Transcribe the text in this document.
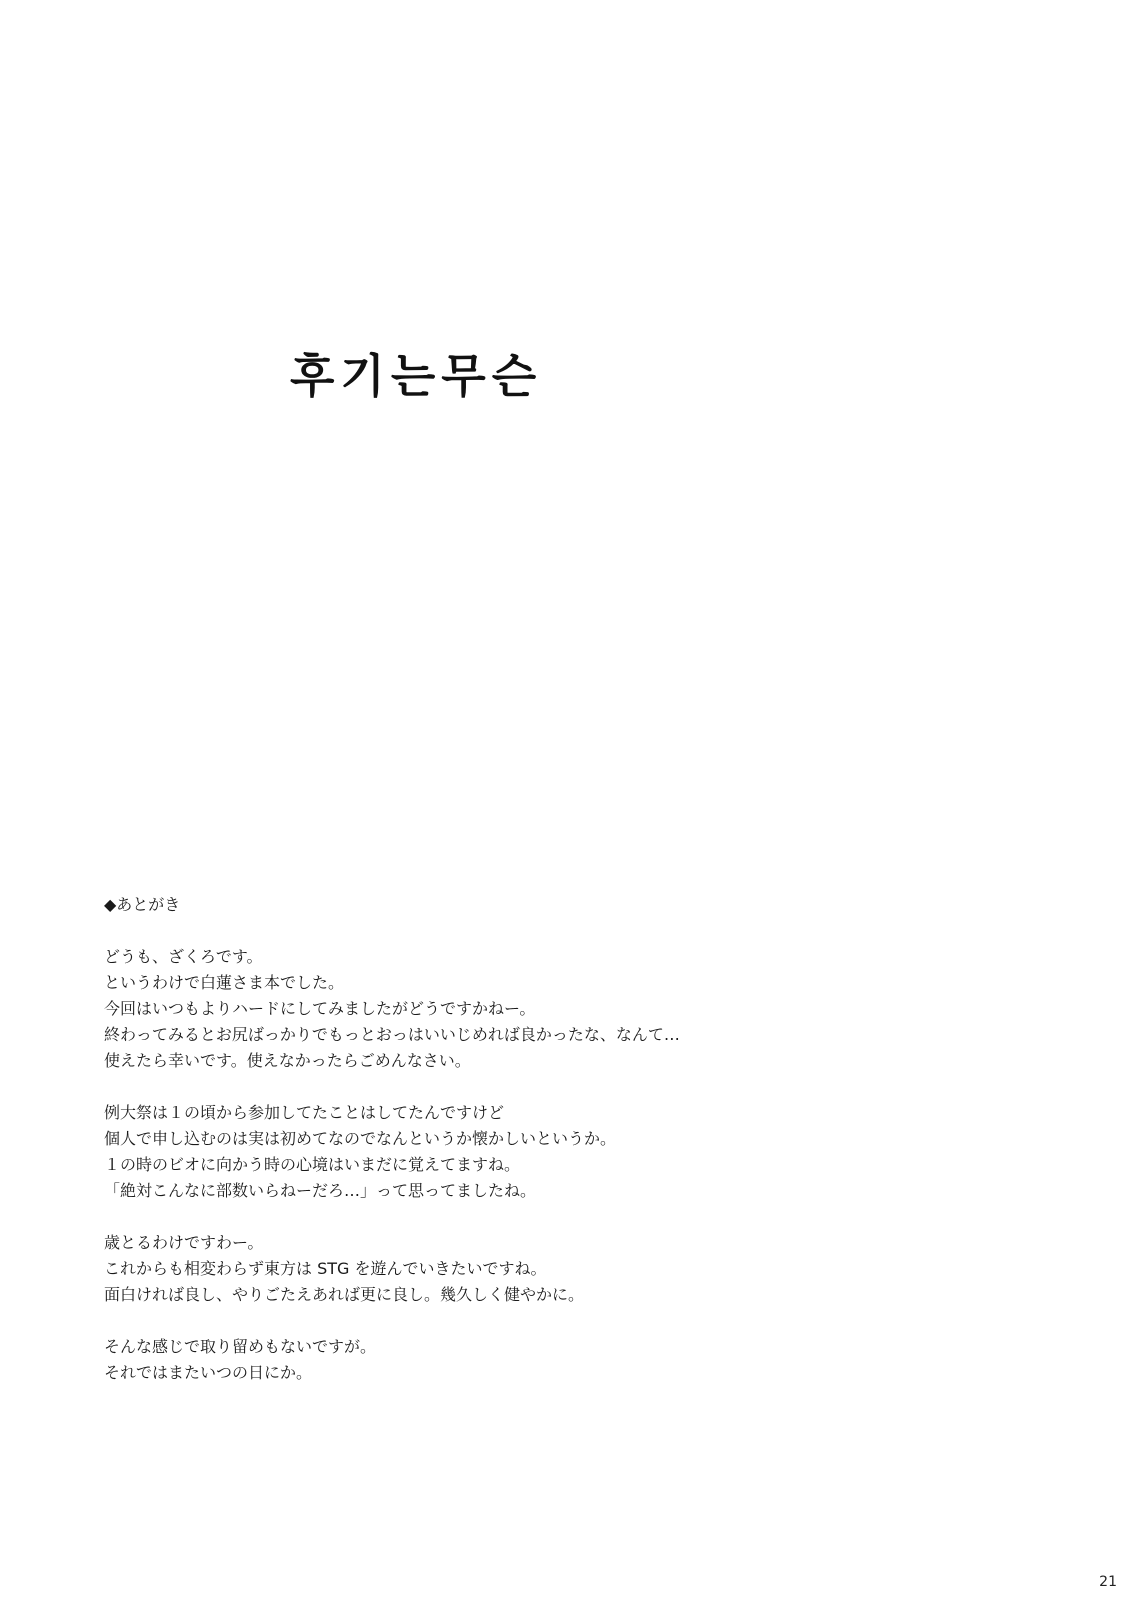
후기는무슨
◆あとがき
どうも、ざくろです。
というわけで白蓮さま本でした。
今回はいつもよりハードにしてみましたがどうですかねー。
終わってみるとお尻ばっかりでもっとおっはいいじめれば良かったな、なんて…
使えたら幸いです。使えなかったらごめんなさい。
例大祭は１の頃から参加してたことはしてたんですけど
個人で申し込むのは実は初めてなのでなんというか懐かしいというか。
１の時のビオに向かう時の心境はいまだに覚えてますね。
「絶対こんなに部数いらねーだろ…」って思ってましたね。
歳とるわけですわー。
これからも相変わらず東方は STG を遊んでいきたいですね。
面白ければ良し、やりごたえあれば更に良し。幾久しく健やかに。
そんな感じで取り留めもないですが。
それではまたいつの日にか。
21
